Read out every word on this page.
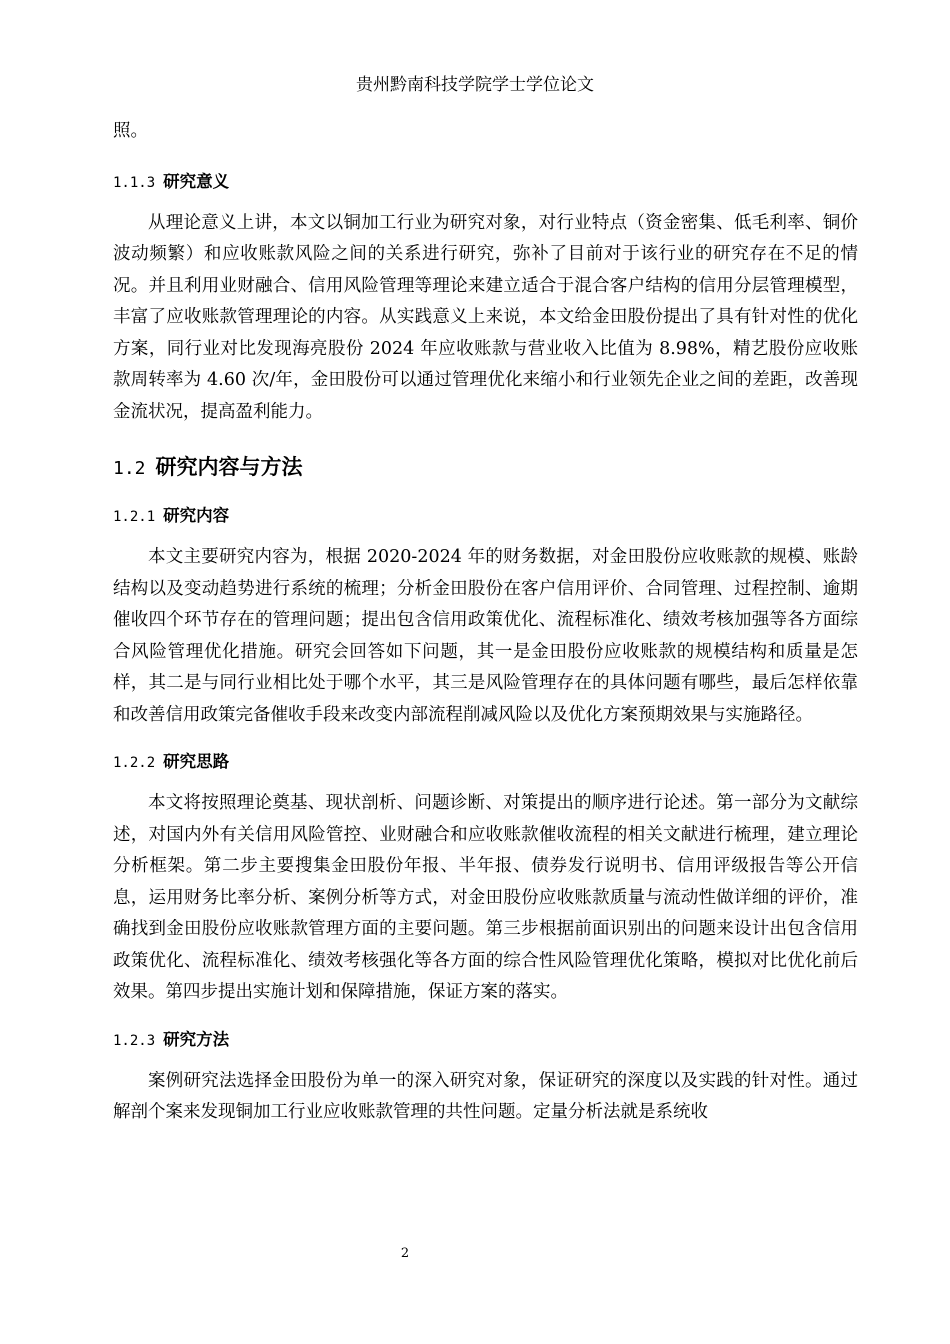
贵州黔南科技学院学士学位论文

照。

1.1.3 研究意义

从理论意义上讲，本文以铜加工行业为研究对象，对行业特点（资金密集、低毛利率、铜价波动频繁）和应收账款风险之间的关系进行研究，弥补了目前对于该行业的研究存在不足的情况。并且利用业财融合、信用风险管理等理论来建立适合于混合客户结构的信用分层管理模型，丰富了应收账款管理理论的内容。从实践意义上来说，本文给金田股份提出了具有针对性的优化方案，同行业对比发现海亮股份 2024 年应收账款与营业收入比值为 8.98%，精艺股份应收账款周转率为 4.60 次/年，金田股份可以通过管理优化来缩小和行业领先企业之间的差距，改善现金流状况，提高盈利能力。

1.2 研究内容与方法
1.2.1 研究内容

本文主要研究内容为，根据 2020-2024 年的财务数据，对金田股份应收账款的规模、账龄结构以及变动趋势进行系统的梳理；分析金田股份在客户信用评价、合同管理、过程控制、逾期催收四个环节存在的管理问题；提出包含信用政策优化、流程标准化、绩效考核加强等各方面综合风险管理优化措施。研究会回答如下问题，其一是金田股份应收账款的规模结构和质量是怎样，其二是与同行业相比处于哪个水平，其三是风险管理存在的具体问题有哪些，最后怎样依靠和改善信用政策完备催收手段来改变内部流程削减风险以及优化方案预期效果与实施路径。

1.2.2 研究思路

本文将按照理论奠基、现状剖析、问题诊断、对策提出的顺序进行论述。第一部分为文献综述，对国内外有关信用风险管控、业财融合和应收账款催收流程的相关文献进行梳理，建立理论分析框架。第二步主要搜集金田股份年报、半年报、债券发行说明书、信用评级报告等公开信息，运用财务比率分析、案例分析等方式，对金田股份应收账款质量与流动性做详细的评价，准确找到金田股份应收账款管理方面的主要问题。第三步根据前面识别出的问题来设计出包含信用政策优化、流程标准化、绩效考核强化等各方面的综合性风险管理优化策略，模拟对比优化前后效果。第四步提出实施计划和保障措施，保证方案的落实。

1.2.3 研究方法

案例研究法选择金田股份为单一的深入研究对象，保证研究的深度以及实践的针对性。通过解剖个案来发现铜加工行业应收账款管理的共性问题。定量分析法就是系统收

2
